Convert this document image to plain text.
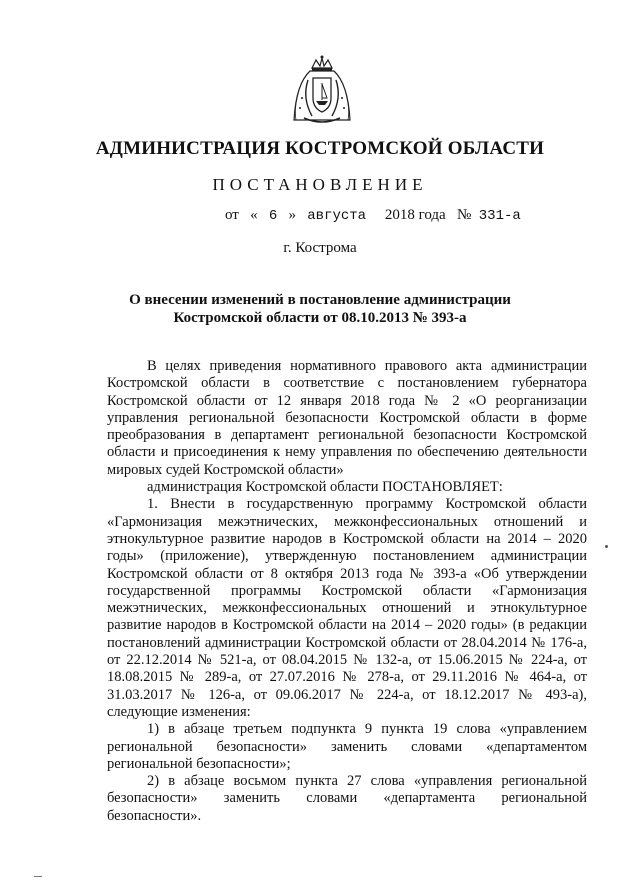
АДМИНИСТРАЦИЯ КОСТРОМСКОЙ ОБЛАСТИ
ПОСТАНОВЛЕНИЕ
от « 6 » августа 2018 года № 331-а
г. Кострома
О внесении изменений в постановление администрации
Костромской области от 08.10.2013 № 393-а

В целях приведения нормативного правового акта администрации Костромской области в соответствие с постановлением губернатора Костромской области от 12 января 2018 года № 2 «О реорганизации управления региональной безопасности Костромской области в форме преобразования в департамент региональной безопасности Костромской области и присоединения к нему управления по обеспечению деятельности мировых судей Костромской области»

администрация Костромской области ПОСТАНОВЛЯЕТ:

1. Внести в государственную программу Костромской области «Гармонизация межэтнических, межконфессиональных отношений и этнокультурное развитие народов в Костромской области на 2014 – 2020 годы» (приложение), утвержденную постановлением администрации Костромской области от 8 октября 2013 года № 393-а «Об утверждении государственной программы Костромской области «Гармонизация межэтнических, межконфессиональных отношений и этнокультурное развитие народов в Костромской области на 2014 – 2020 годы» (в редакции постановлений администрации Костромской области от 28.04.2014 № 176-а, от 22.12.2014 № 521-а, от 08.04.2015 № 132-а, от 15.06.2015 № 224-а, от 18.08.2015 № 289-а, от 27.07.2016 № 278-а, от 29.11.2016 № 464-а, от 31.03.2017 № 126-а, от 09.06.2017 № 224-а, от 18.12.2017 № 493-а), следующие изменения:

1) в абзаце третьем подпункта 9 пункта 19 слова «управлением региональной безопасности» заменить словами «департаментом региональной безопасности»;

2) в абзаце восьмом пункта 27 слова «управления региональной безопасности» заменить словами «департамента региональной безопасности».
